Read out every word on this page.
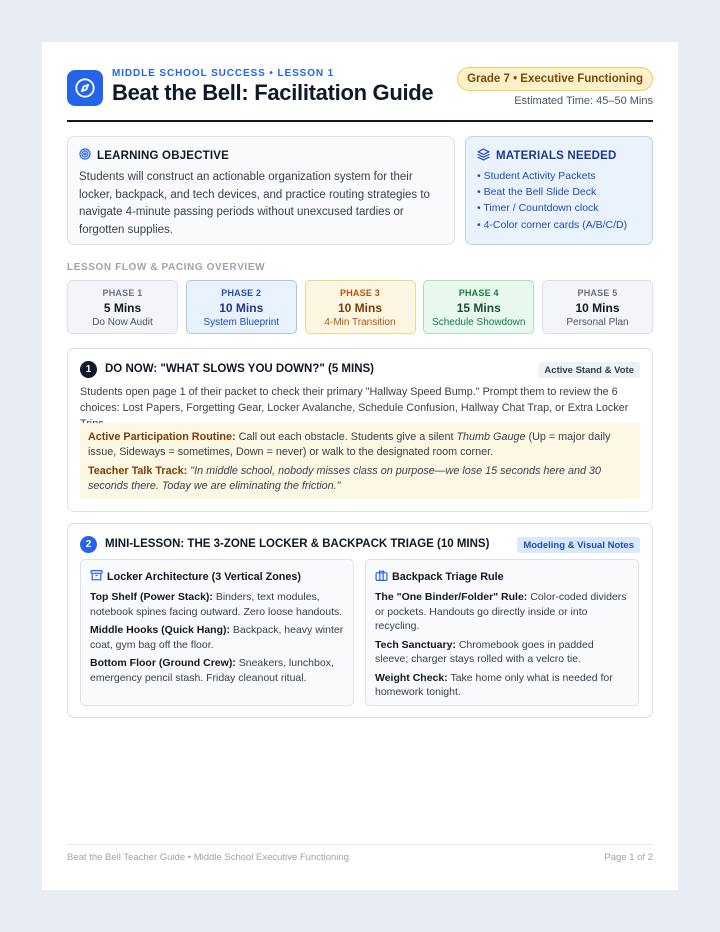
MIDDLE SCHOOL SUCCESS • LESSON 1
Beat the Bell: Facilitation Guide
Grade 7 • Executive Functioning
Estimated Time: 45–50 Mins
LEARNING OBJECTIVE
Students will construct an actionable organization system for their locker, backpack, and tech devices, and practice routing strategies to navigate 4-minute passing periods without unexcused tardies or forgotten supplies.
MATERIALS NEEDED
• Student Activity Packets
• Beat the Bell Slide Deck
• Timer / Countdown clock
• 4-Color corner cards (A/B/C/D)
LESSON FLOW & PACING OVERVIEW
PHASE 1
5 Mins
Do Now Audit
PHASE 2
10 Mins
System Blueprint
PHASE 3
10 Mins
4-Min Transition
PHASE 4
15 Mins
Schedule Showdown
PHASE 5
10 Mins
Personal Plan
1	DO NOW: "WHAT SLOWS YOU DOWN?" (5 MINS)	Active Stand & Vote
Students open page 1 of their packet to check their primary "Hallway Speed Bump." Prompt them to review the 6 choices: Lost Papers, Forgetting Gear, Locker Avalanche, Schedule Confusion, Hallway Chat Trap, or Extra Locker
Active Participation Routine: Call out each obstacle. Students give a silent Thumb Gauge (Up = major daily issue, Sideways = sometimes, Down = never) or walk to the designated room corner.
Teacher Talk Track: "In middle school, nobody misses class on purpose—we lose 15 seconds here and 30 seconds there. Today we are eliminating the friction."
2	MINI-LESSON: THE 3-ZONE LOCKER & BACKPACK TRIAGE (10 MINS)	Modeling & Visual Notes
Locker Architecture (3 Vertical Zones)
Top Shelf (Power Stack): Binders, text modules, notebook spines facing outward. Zero loose handouts.
Middle Hooks (Quick Hang): Backpack, heavy winter coat, gym bag off the floor.
Bottom Floor (Ground Crew): Sneakers, lunchbox, emergency pencil stash. Friday cleanout ritual.
Backpack Triage Rule
The "One Binder/Folder" Rule: Color-coded dividers or pockets. Handouts go directly inside or into recycling.
Tech Sanctuary: Chromebook goes in padded sleeve; charger stays rolled with a velcro tie.
Weight Check: Take home only what is needed for homework tonight.
Beat the Bell Teacher Guide • Middle School Executive Functioning	Page 1 of 2
